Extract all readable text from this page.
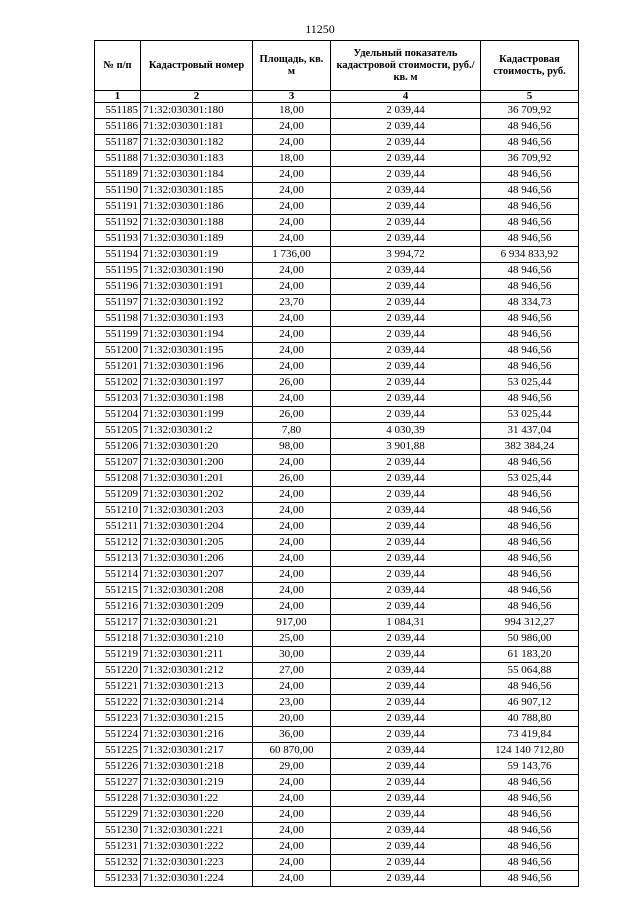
11250
№ п/п	Кадастровый номер	Площадь, кв. м	Удельный показатель кадастровой стоимости, руб./кв. м	Кадастровая стоимость, руб.
1	2	3	4	5
551185	71:32:030301:180	18,00	2 039,44	36 709,92
551186	71:32:030301:181	24,00	2 039,44	48 946,56
551187	71:32:030301:182	24,00	2 039,44	48 946,56
551188	71:32:030301:183	18,00	2 039,44	36 709,92
551189	71:32:030301:184	24,00	2 039,44	48 946,56
551190	71:32:030301:185	24,00	2 039,44	48 946,56
551191	71:32:030301:186	24,00	2 039,44	48 946,56
551192	71:32:030301:188	24,00	2 039,44	48 946,56
551193	71:32:030301:189	24,00	2 039,44	48 946,56
551194	71:32:030301:19	1 736,00	3 994,72	6 934 833,92
551195	71:32:030301:190	24,00	2 039,44	48 946,56
551196	71:32:030301:191	24,00	2 039,44	48 946,56
551197	71:32:030301:192	23,70	2 039,44	48 334,73
551198	71:32:030301:193	24,00	2 039,44	48 946,56
551199	71:32:030301:194	24,00	2 039,44	48 946,56
551200	71:32:030301:195	24,00	2 039,44	48 946,56
551201	71:32:030301:196	24,00	2 039,44	48 946,56
551202	71:32:030301:197	26,00	2 039,44	53 025,44
551203	71:32:030301:198	24,00	2 039,44	48 946,56
551204	71:32:030301:199	26,00	2 039,44	53 025,44
551205	71:32:030301:2	7,80	4 030,39	31 437,04
551206	71:32:030301:20	98,00	3 901,88	382 384,24
551207	71:32:030301:200	24,00	2 039,44	48 946,56
551208	71:32:030301:201	26,00	2 039,44	53 025,44
551209	71:32:030301:202	24,00	2 039,44	48 946,56
551210	71:32:030301:203	24,00	2 039,44	48 946,56
551211	71:32:030301:204	24,00	2 039,44	48 946,56
551212	71:32:030301:205	24,00	2 039,44	48 946,56
551213	71:32:030301:206	24,00	2 039,44	48 946,56
551214	71:32:030301:207	24,00	2 039,44	48 946,56
551215	71:32:030301:208	24,00	2 039,44	48 946,56
551216	71:32:030301:209	24,00	2 039,44	48 946,56
551217	71:32:030301:21	917,00	1 084,31	994 312,27
551218	71:32:030301:210	25,00	2 039,44	50 986,00
551219	71:32:030301:211	30,00	2 039,44	61 183,20
551220	71:32:030301:212	27,00	2 039,44	55 064,88
551221	71:32:030301:213	24,00	2 039,44	48 946,56
551222	71:32:030301:214	23,00	2 039,44	46 907,12
551223	71:32:030301:215	20,00	2 039,44	40 788,80
551224	71:32:030301:216	36,00	2 039,44	73 419,84
551225	71:32:030301:217	60 870,00	2 039,44	124 140 712,80
551226	71:32:030301:218	29,00	2 039,44	59 143,76
551227	71:32:030301:219	24,00	2 039,44	48 946,56
551228	71:32:030301:22	24,00	2 039,44	48 946,56
551229	71:32:030301:220	24,00	2 039,44	48 946,56
551230	71:32:030301:221	24,00	2 039,44	48 946,56
551231	71:32:030301:222	24,00	2 039,44	48 946,56
551232	71:32:030301:223	24,00	2 039,44	48 946,56
551233	71:32:030301:224	24,00	2 039,44	48 946,56
